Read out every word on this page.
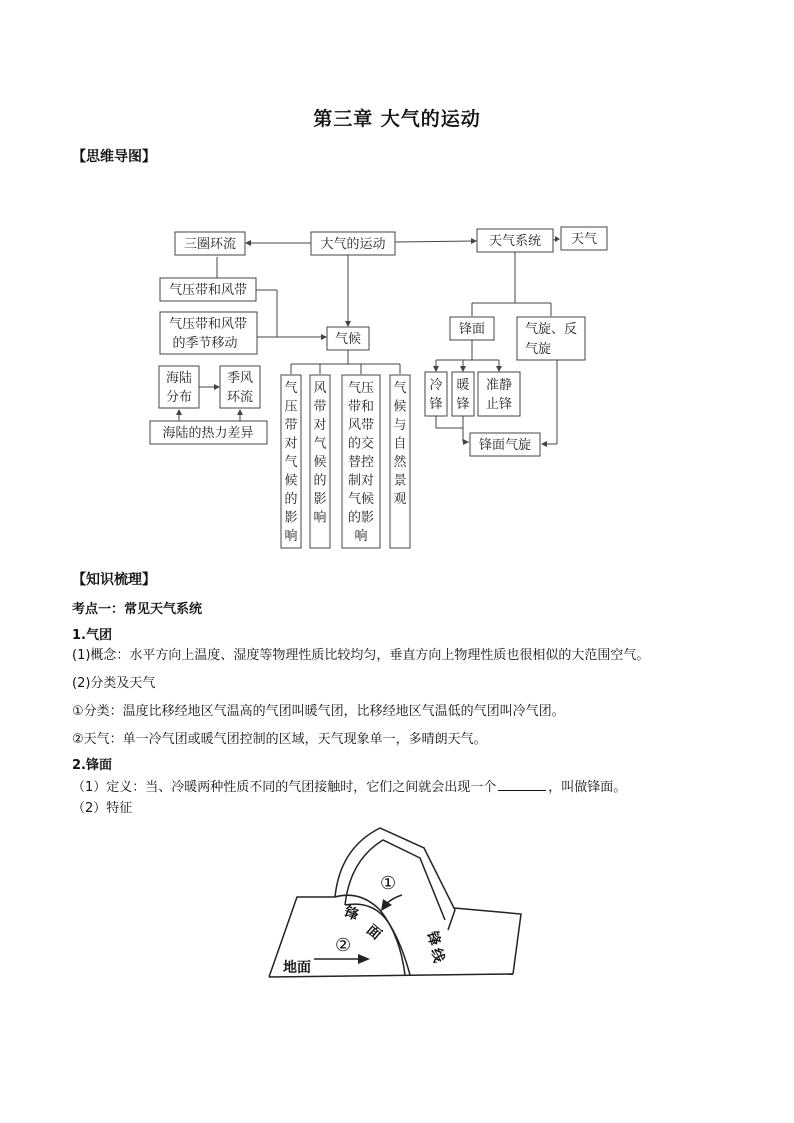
第三章 大气的运动
【思维导图】
大气的运动
三圈环流	天气系统 天气
气压带和风带
气压带和风带
的季节移动	气候
锋面	气旋、反
气旋
海陆
分布
季风
环流
海陆的热力差异
冷
锋
暖
锋
准静
止锋
锋面气旋
气
压
带
对
气
候
的
影
响
风
带
对
气
候
的
影
响
气压
带和
风带
的交
替控
制对
气候
的影
响
气
候
与
自
然
景
观
【知识梳理】
考点一：常见天气系统
1.气团
(1)概念：水平方向上温度、湿度等物理性质比较均匀，垂直方向上物理性质也很相似的大范围空气。
(2)分类及天气
①分类：温度比移经地区气温高的气团叫暖气团，比移经地区气温低的气团叫冷气团。
②天气：单一冷气团或暖气团控制的区域，天气现象单一，多晴朗天气。
2.锋面
（1）定义：当、冷暖两种性质不同的气团接触时，它们之间就会出现一个	，叫做锋面。
（2）特征
地面
①
②
锋
面	锋
线
